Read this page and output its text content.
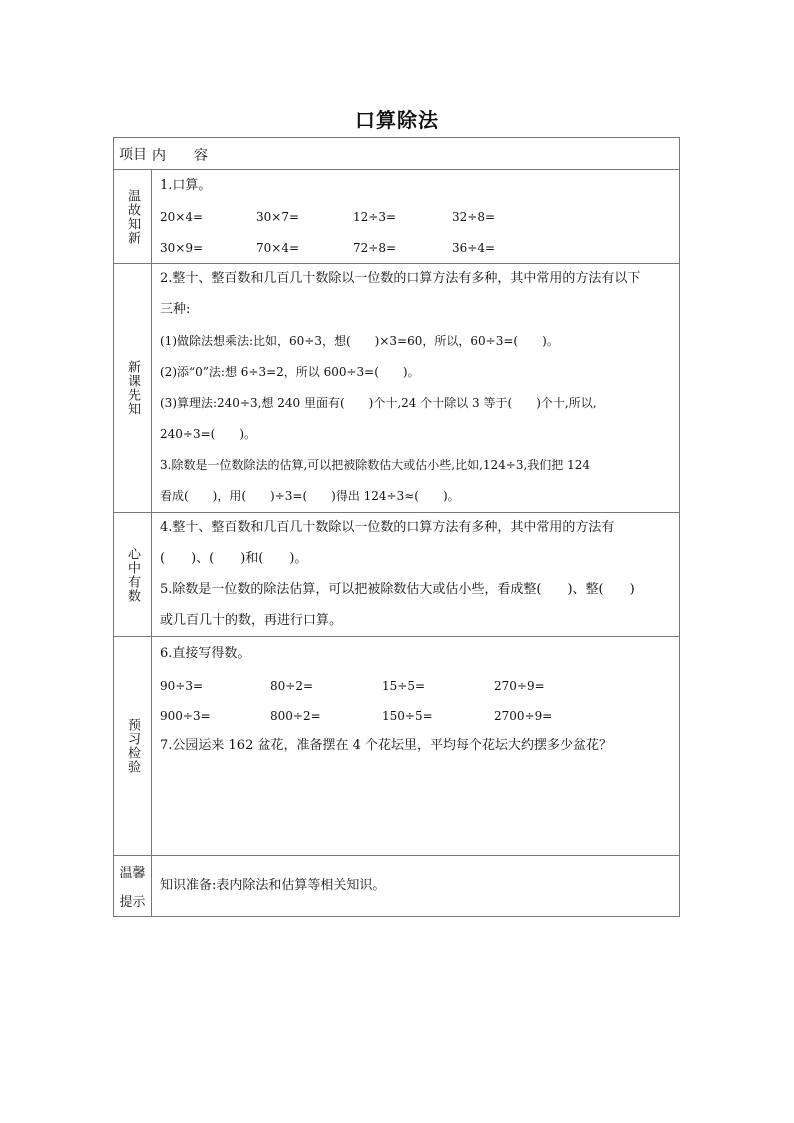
口算除法
项目 内　　容
温故知新
1.口算。
20×4=	30×7=	12÷3=	32÷8=
30×9=	70×4=	72÷8=	36÷4=
新课先知
2.整十、整百数和几百几十数除以一位数的口算方法有多种，其中常用的方法有以下
三种:
(1)做除法想乘法:比如，60÷3，想(　　)×3=60，所以，60÷3=(　　)。
(2)添“0”法:想 6÷3=2，所以 600÷3=(　　)。
(3)算理法:240÷3,想 240 里面有(　　)个十,24 个十除以 3 等于(　　)个十,所以,
240÷3=(　　)。
3.除数是一位数除法的估算,可以把被除数估大或估小些,比如,124÷3,我们把 124
看成(　　)，用(　　)÷3=(　　)得出 124÷3≈(　　)。
心中有数
4.整十、整百数和几百几十数除以一位数的口算方法有多种，其中常用的方法有
(　　)、(　　)和(　　)。
5.除数是一位数的除法估算，可以把被除数估大或估小些，看成整(　　)、整(　　)
或几百几十的数，再进行口算。
预习检验
6.直接写得数。
90÷3=	80÷2=	15÷5=	270÷9=
900÷3=	800÷2=	150÷5=	2700÷9=
7.公园运来 162 盆花，准备摆在 4 个花坛里，平均每个花坛大约摆多少盆花？
温馨
提示
知识准备:表内除法和估算等相关知识。
